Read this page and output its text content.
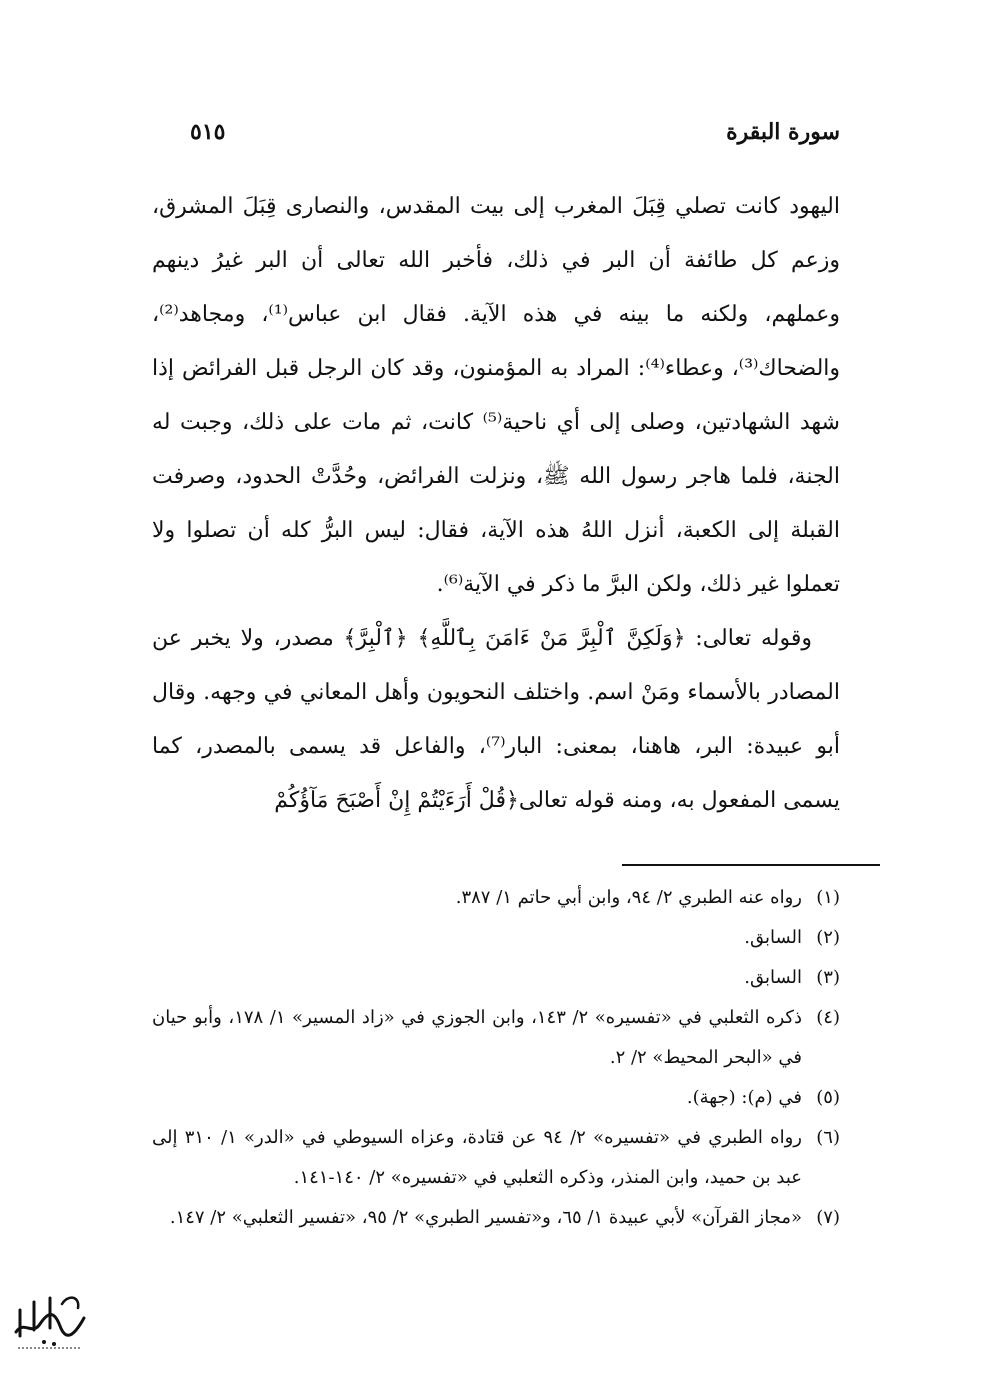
سورة البقرة
٥١٥

اليهود كانت تصلي قِبَلَ المغرب إلى بيت المقدس، والنصارى قِبَلَ المشرق، وزعم كل طائفة أن البر في ذلك، فأخبر الله تعالى أن البر غيرُ دينهم وعملهم، ولكنه ما بينه في هذه الآية. فقال ابن عباس⁽¹⁾، ومجاهد⁽²⁾، والضحاك⁽³⁾، وعطاء⁽⁴⁾: المراد به المؤمنون، وقد كان الرجل قبل الفرائض إذا شهد الشهادتين، وصلى إلى أي ناحية⁽⁵⁾ كانت، ثم مات على ذلك، وجبت له الجنة، فلما هاجر رسول الله ﷺ، ونزلت الفرائض، وحُدَّتْ الحدود، وصرفت القبلة إلى الكعبة، أنزل اللهُ هذه الآية، فقال: ليس البرُّ كله أن تصلوا ولا تعملوا غير ذلك، ولكن البرَّ ما ذكر في الآية⁽⁶⁾.

وقوله تعالى: ﴿وَلَكِنَّ ٱلْبِرَّ مَنْ ءَامَنَ بِٱللَّهِ﴾ ﴿ٱلْبِرَّ﴾ مصدر، ولا يخبر عن المصادر بالأسماء ومَنْ اسم. واختلف النحويون وأهل المعاني في وجهه. وقال أبو عبيدة: البر، هاهنا، بمعنى: البار⁽⁷⁾، والفاعل قد يسمى بالمصدر، كما يسمى المفعول به، ومنه قوله تعالى﴿قُلْ أَرَءَيْتُمْ إِنْ أَصْبَحَ مَآؤُكُمْ

(١)
رواه عنه الطبري ٢/ ٩٤، وابن أبي حاتم ١/ ٣٨٧.
(٢)
السابق.
(٣)
السابق.
(٤)
ذكره الثعلبي في «تفسيره» ٢/ ١٤٣، وابن الجوزي في «زاد المسير» ١/ ١٧٨، وأبو حيان في «البحر المحيط» ٢/ ٢.
(٥)
في (م): (جهة).
(٦)
رواه الطبري في «تفسيره» ٢/ ٩٤ عن قتادة، وعزاه السيوطي في «الدر» ١/ ٣١٠ إلى عبد بن حميد، وابن المنذر، وذكره الثعلبي في «تفسيره» ٢/ ١٤٠-١٤١.
(٧)
«مجاز القرآن» لأبي عبيدة ١/ ٦٥، و«تفسير الطبري» ٢/ ٩٥، «تفسير الثعلبي» ٢/ ١٤٧.
